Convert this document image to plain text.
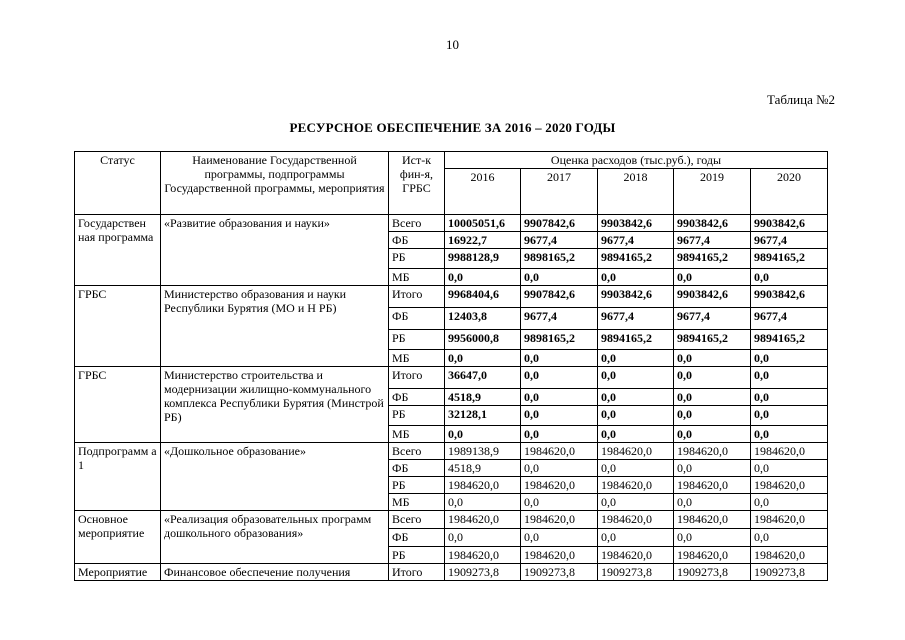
10
Таблица №2
РЕСУРСНОЕ ОБЕСПЕЧЕНИЕ ЗА 2016 – 2020 ГОДЫ
Статус	Наименование Государственной программы, подпрограммы Государственной программы, мероприятия	Ист-к фин-я, ГРБС	Оценка расходов (тыс.руб.), годы				
			2016	2017	2018	2019	2020
Государствен ная программа	«Развитие образования и науки»	Всего	10005051,6	9907842,6	9903842,6	9903842,6	9903842,6
		ФБ	16922,7	9677,4	9677,4	9677,4	9677,4
		РБ	9988128,9	9898165,2	9894165,2	9894165,2	9894165,2
		МБ	0,0	0,0	0,0	0,0	0,0
ГРБС	Министерство образования и науки Республики Бурятия (МО и Н РБ)	Итого	9968404,6	9907842,6	9903842,6	9903842,6	9903842,6
		ФБ	12403,8	9677,4	9677,4	9677,4	9677,4
		РБ	9956000,8	9898165,2	9894165,2	9894165,2	9894165,2
		МБ	0,0	0,0	0,0	0,0	0,0
ГРБС	Министерство строительства и модернизации жилищно-коммунального комплекса Республики Бурятия (Минстрой РБ)	Итого	36647,0	0,0	0,0	0,0	0,0
		ФБ	4518,9	0,0	0,0	0,0	0,0
		РБ	32128,1	0,0	0,0	0,0	0,0
		МБ	0,0	0,0	0,0	0,0	0,0
Подпрограмм а 1	«Дошкольное образование»	Всего	1989138,9	1984620,0	1984620,0	1984620,0	1984620,0
		ФБ	4518,9	0,0	0,0	0,0	0,0
		РБ	1984620,0	1984620,0	1984620,0	1984620,0	1984620,0
		МБ	0,0	0,0	0,0	0,0	0,0
Основное мероприятие	«Реализация образовательных программ дошкольного образования»	Всего	1984620,0	1984620,0	1984620,0	1984620,0	1984620,0
		ФБ	0,0	0,0	0,0	0,0	0,0
		РБ	1984620,0	1984620,0	1984620,0	1984620,0	1984620,0
Мероприятие	Финансовое обеспечение получения	Итого	1909273,8	1909273,8	1909273,8	1909273,8	1909273,8
